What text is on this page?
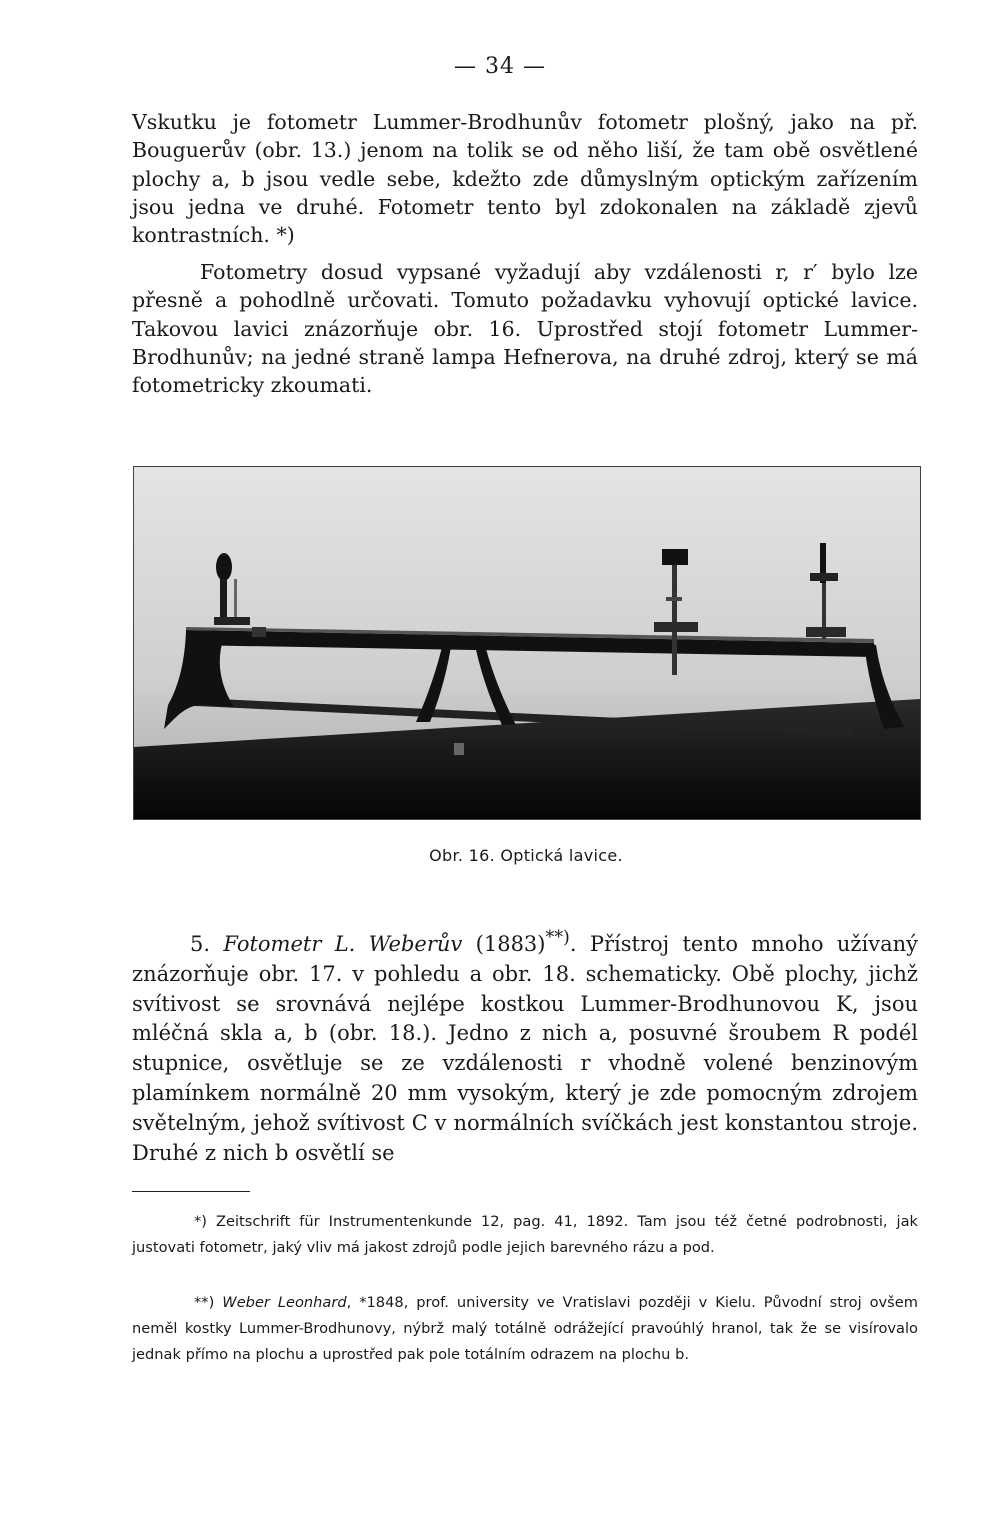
— 34 —

Vskutku je fotometr Lummer-Brodhunův fotometr plošný, jako na př. Bouguerův (obr. 13.) jenom na tolik se od něho liší, že tam obě osvětlené plochy a, b jsou vedle sebe, kdežto zde důmyslným optickým zařízením jsou jedna ve druhé. Fotometr tento byl zdokonalen na základě zjevů kontrastních. *)

Fotometry dosud vypsané vyžadují aby vzdálenosti r, r′ bylo lze přesně a pohodlně určovati. Tomuto požadavku vyhovují optické lavice. Takovou lavici znázorňuje obr. 16. Uprostřed stojí fotometr Lummer-Brodhunův; na jedné straně lampa Hefnerova, na druhé zdroj, který se má fotometricky zkoumati.

Obr. 16. Optická lavice.

5. Fotometr L. Weberův (1883)**). Přístroj tento mnoho užívaný znázorňuje obr. 17. v pohledu a obr. 18. schematicky. Obě plochy, jichž svítivost se srovnává nejlépe kostkou Lummer-Brodhunovou K, jsou mléčná skla a, b (obr. 18.). Jedno z nich a, posuvné šroubem R podél stupnice, osvětluje se ze vzdálenosti r vhodně volené benzinovým plamínkem normálně 20 mm vysokým, který je zde pomocným zdrojem světelným, jehož svítivost C v normálních svíčkách jest konstantou stroje. Druhé z nich b osvětlí se

*) Zeitschrift für Instrumentenkunde 12, pag. 41, 1892. Tam jsou též četné podrobnosti, jak justovati fotometr, jaký vliv má jakost zdrojů podle jejich barevného rázu a pod.

**) Weber Leonhard, *1848, prof. university ve Vratislavi později v Kielu. Původní stroj ovšem neměl kostky Lummer-Brodhunovy, nýbrž malý totálně odrážející pravoúhlý hranol, tak že se visírovalo jednak přímo na plochu a uprostřed pak pole totálním odrazem na plochu b.
